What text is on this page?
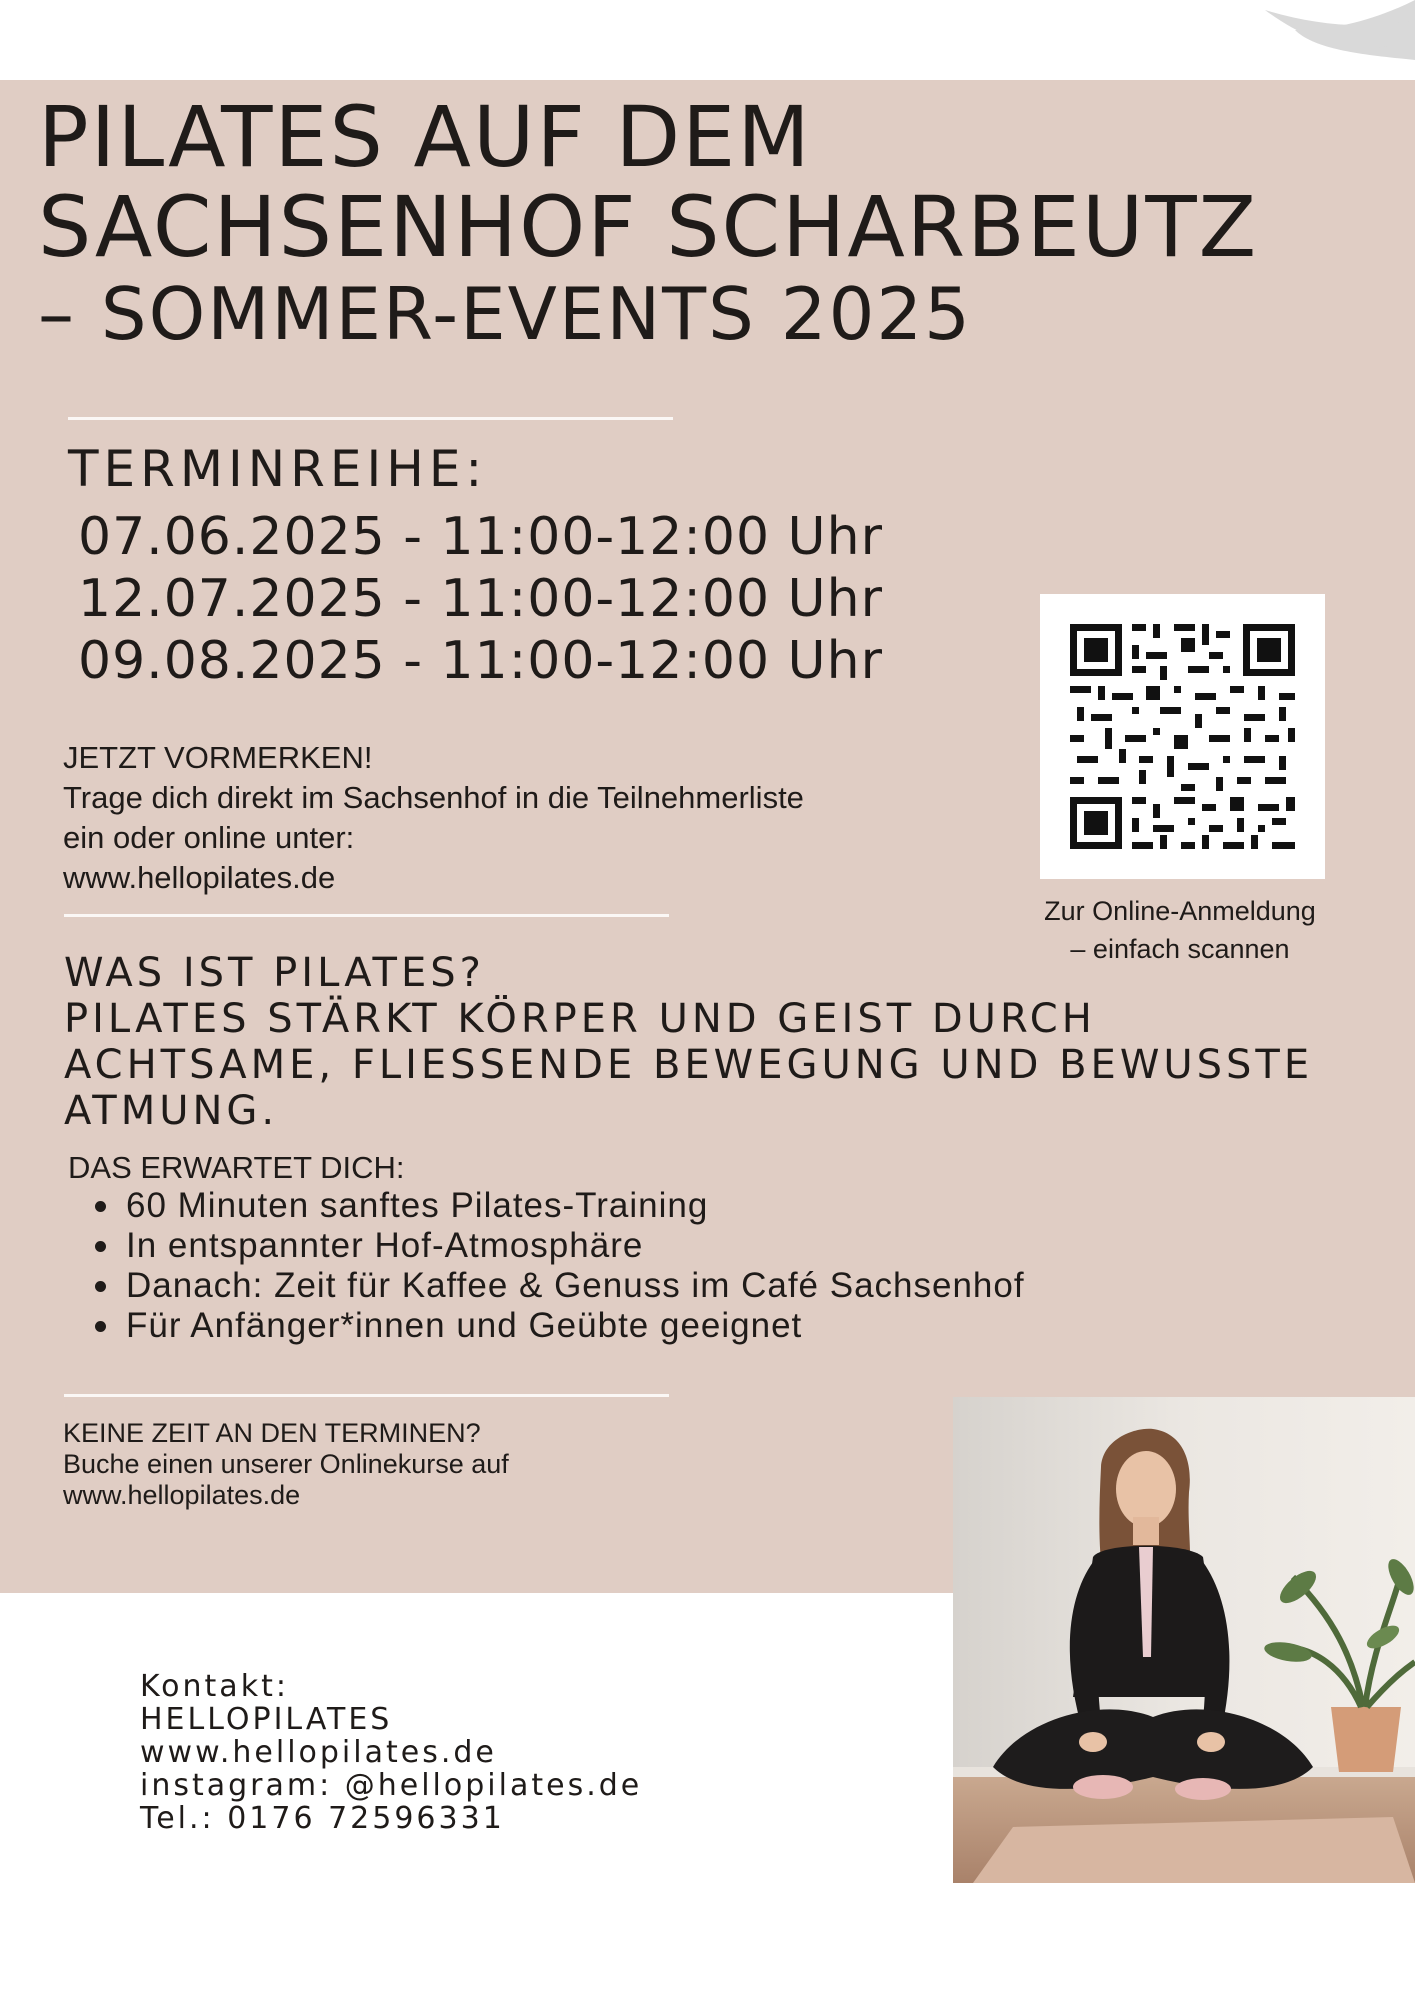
PILATES AUF DEM
SACHSENHOF SCHARBEUTZ
– SOMMER-EVENTS 2025
TERMINREIHE:
07.06.2025 - 11:00-12:00 Uhr
12.07.2025 - 11:00-12:00 Uhr
09.08.2025 - 11:00-12:00 Uhr
JETZT VORMERKEN!
Trage dich direkt im Sachsenhof in die Teilnehmerliste
ein oder online unter:
www.hellopilates.de
Zur Online-Anmeldung
– einfach scannen
WAS IST PILATES?
PILATES STÄRKT KÖRPER UND GEIST DURCH
ACHTSAME, FLIESSENDE BEWEGUNG UND BEWUSSTE
ATMUNG.
DAS ERWARTET DICH:
60 Minuten sanftes Pilates-Training
In entspannter Hof-Atmosphäre
Danach: Zeit für Kaffee & Genuss im Café Sachsenhof
Für Anfänger*innen und Geübte geeignet
KEINE ZEIT AN DEN TERMINEN?
Buche einen unserer Onlinekurse auf
www.hellopilates.de
Kontakt:
HELLOPILATES
www.hellopilates.de
instagram: @hellopilates.de
Tel.: 0176 72596331
